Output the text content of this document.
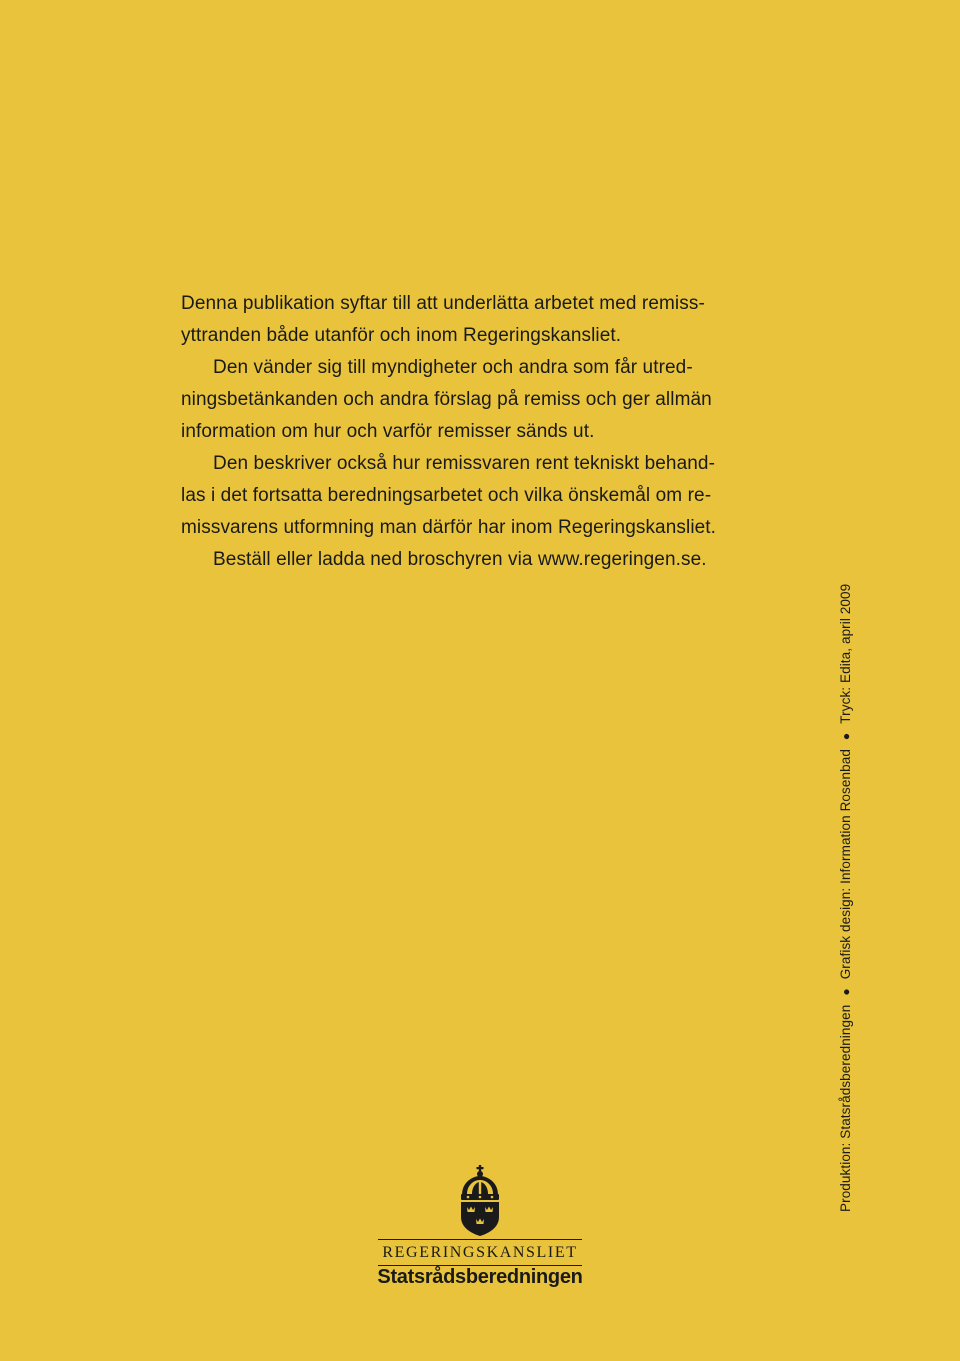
Denna publikation syftar till att underlätta arbetet med remiss-
yttranden både utanför och inom Regeringskansliet.
Den vänder sig till myndigheter och andra som får utred-
ningsbetänkanden och andra förslag på remiss och ger allmän
information om hur och varför remisser sänds ut.
Den beskriver också hur remissvaren rent tekniskt behand-
las i det fortsatta beredningsarbetet och vilka önskemål om re-
missvarens utformning man därför har inom Regeringskansliet.
Beställ eller ladda ned broschyren via www.regeringen.se.
Produktion: Statsrådsberedningen●Grafisk design: Information Rosenbad●Tryck: Edita, april 2009
REGERINGSKANSLIET
Statsrådsberedningen
